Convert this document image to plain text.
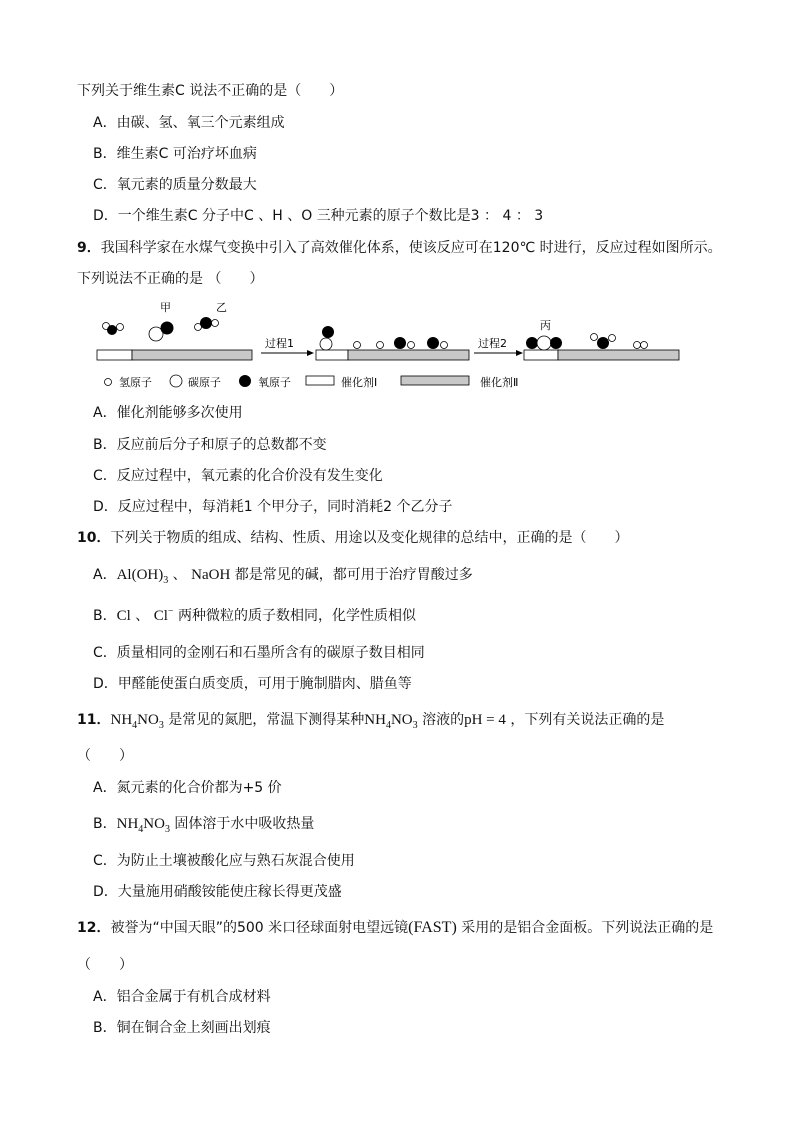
下列关于维生素C 说法不正确的是（　　）
A．由碳、氢、氧三个元素组成
B．维生素C 可治疗坏血病
C．氧元素的质量分数最大
D．一个维生素C 分子中C 、H 、O 三种元素的原子个数比是3 ： 4 ： 3
9．我国科学家在水煤气变换中引入了高效催化体系，使该反应可在120℃ 时进行，反应过程如图所示。
下列说法不正确的是 （　　）
甲	乙
过程1	过程2
丙
氢原子	碳原子	氧原子	催化剂Ⅰ	催化剂Ⅱ
A．催化剂能够多次使用
B．反应前后分子和原子的总数都不变
C．反应过程中，氧元素的化合价没有发生变化
D．反应过程中，每消耗1 个甲分子，同时消耗2 个乙分子
10．下列关于物质的组成、结构、性质、用途以及变化规律的总结中，正确的是（　　）
A．$Al(OH)_3$ 、 NaOH 都是常见的碱，都可用于治疗胃酸过多
B．Cl 、 Cl− 两种微粒的质子数相同，化学性质相似
C．质量相同的金刚石和石墨所含有的碳原子数目相同
D．甲醛能使蛋白质变质，可用于腌制腊肉、腊鱼等
11．$NH_4NO_3$ 是常见的氮肥，常温下测得某种$NH_4NO_3$ 溶液的pH = 4 ，下列有关说法正确的是
（　　）
A．氮元素的化合价都为+5 价
B．$NH_4NO_3$ 固体溶于水中吸收热量
C．为防止土壤被酸化应与熟石灰混合使用
D．大量施用硝酸铵能使庄稼长得更茂盛
12．被誉为“中国天眼”的500 米口径球面射电望远镜(FAST) 采用的是铝合金面板。下列说法正确的是
（　　）
A．铝合金属于有机合成材料
B．铜在铜合金上刻画出划痕
